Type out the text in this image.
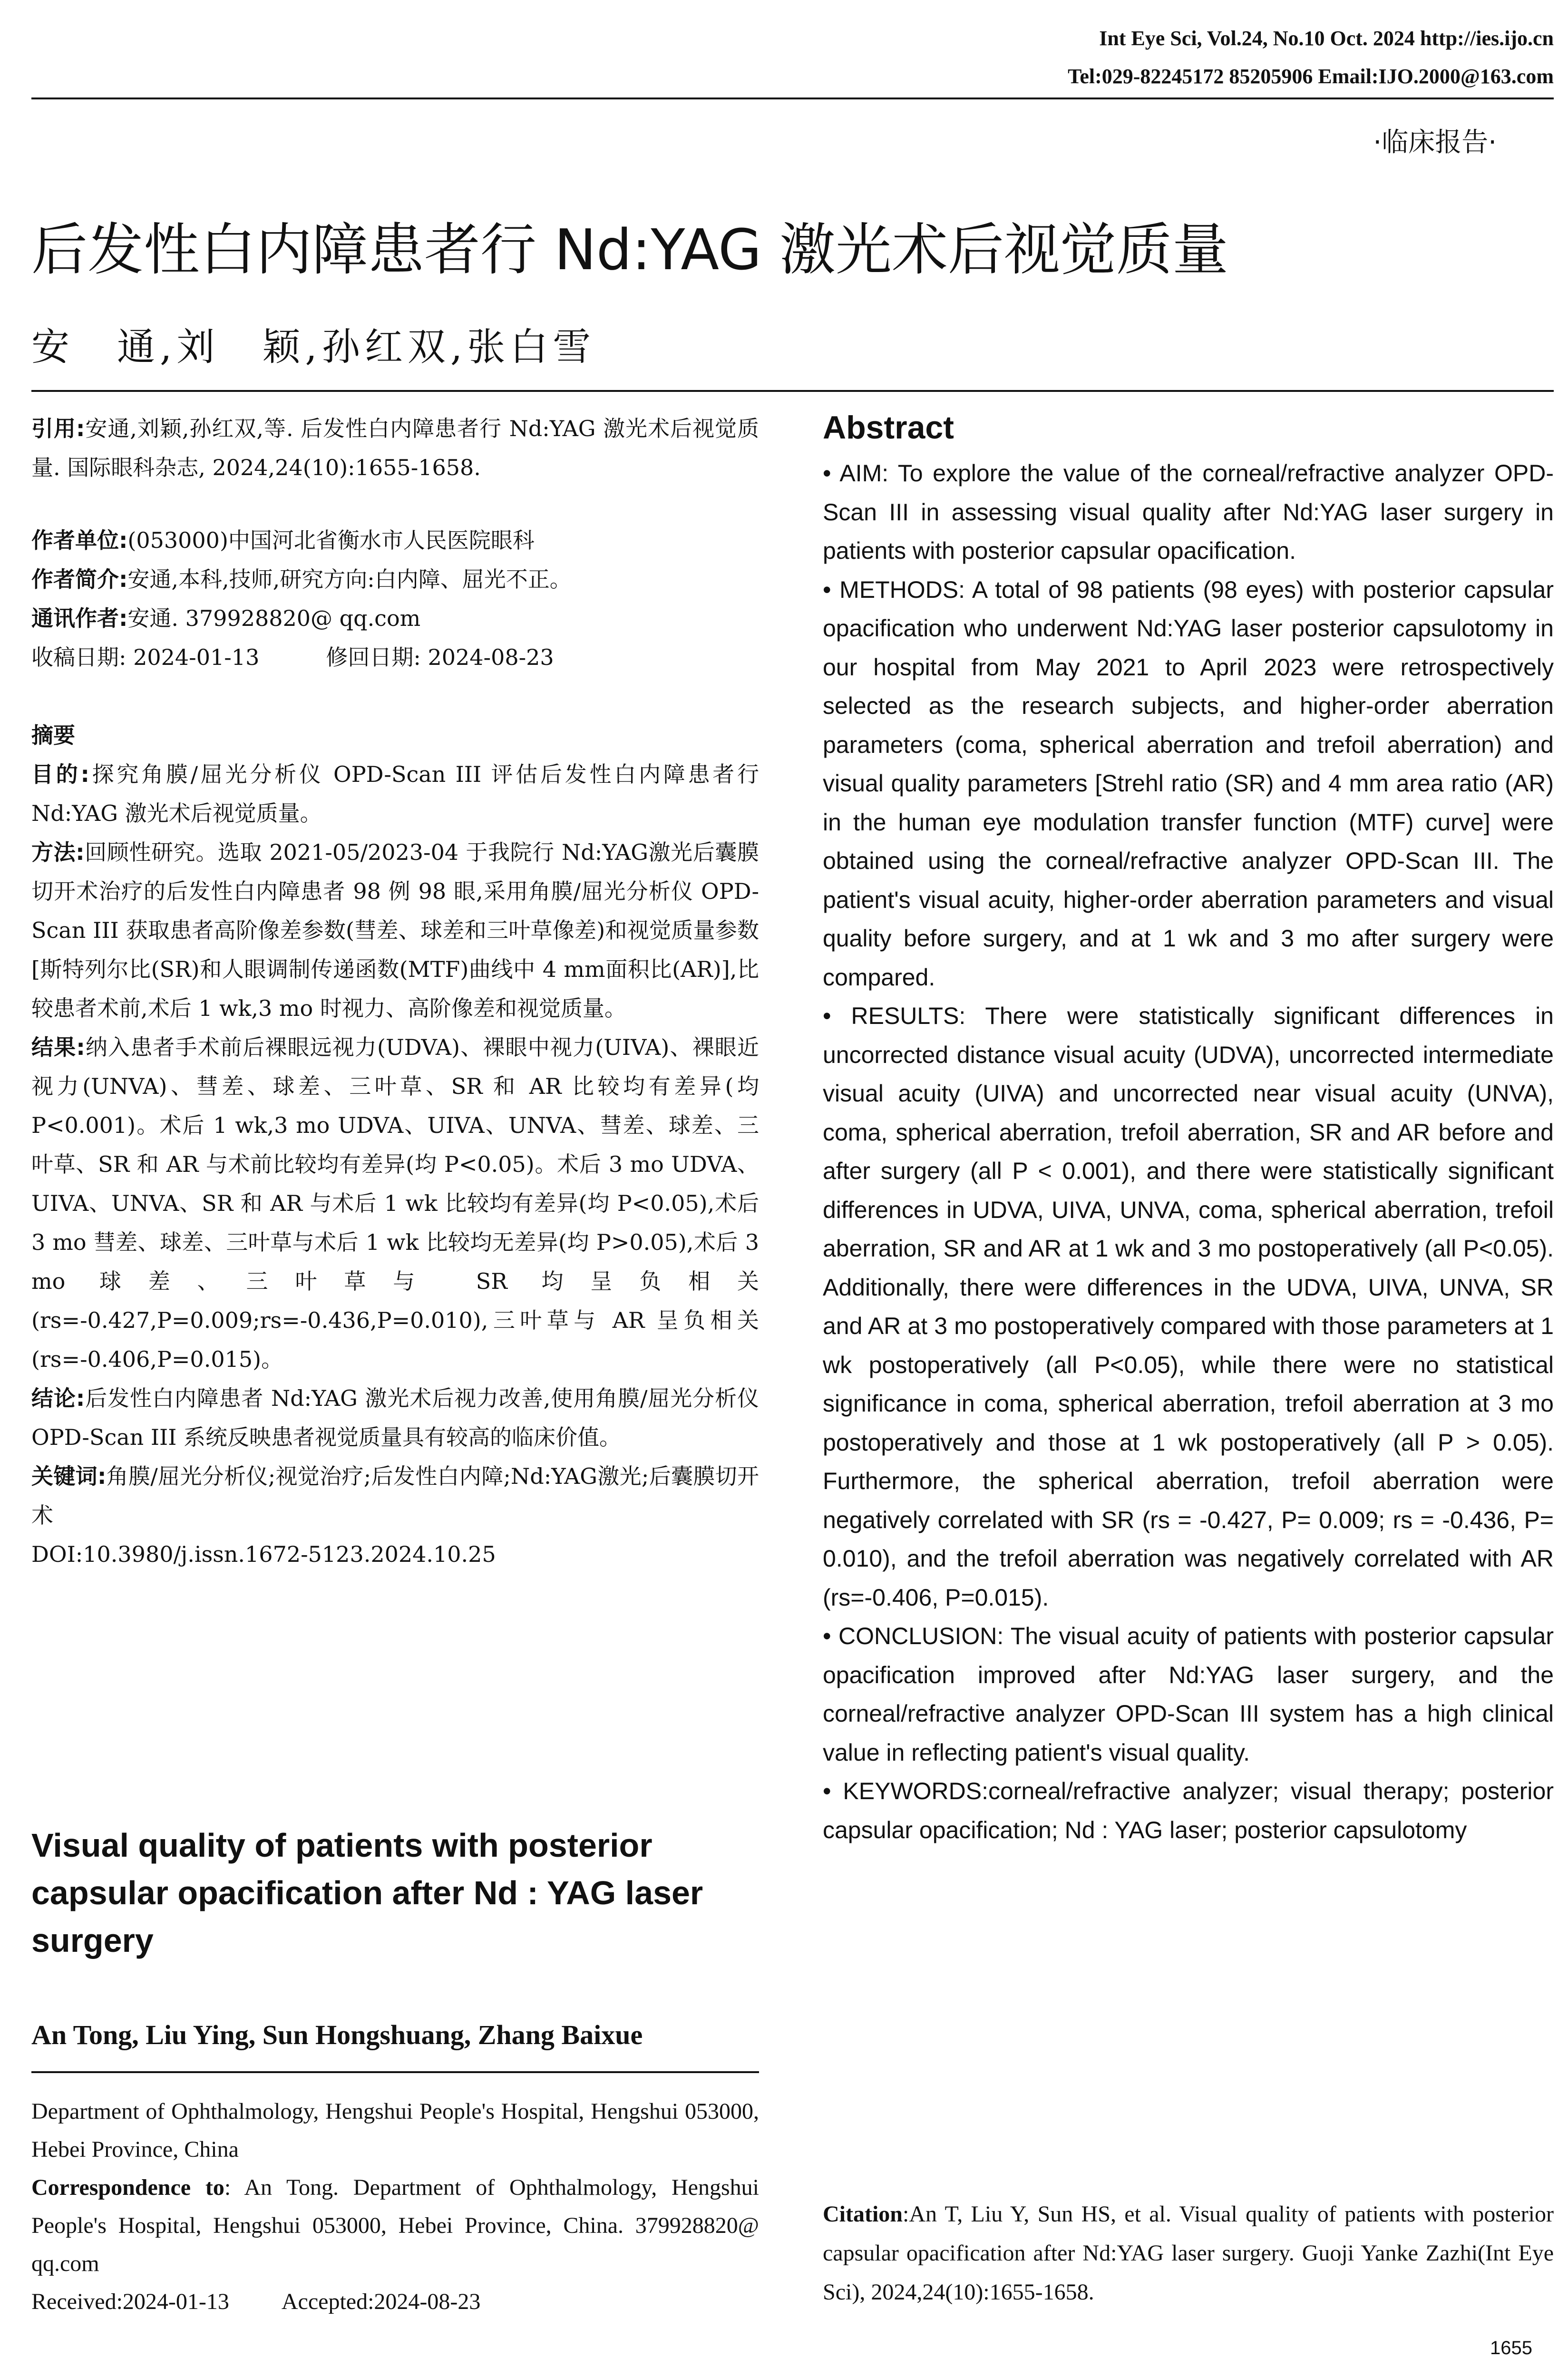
Int Eye Sci, Vol.24, No.10 Oct. 2024 http://ies.ijo.cn
Tel:029-82245172 85205906 Email:IJO.2000@163.com
·临床报告·
后发性白内障患者行 Nd:YAG 激光术后视觉质量
安　通,刘　颖,孙红双,张白雪

引用:安通,刘颖,孙红双,等. 后发性白内障患者行 Nd:YAG 激光术后视觉质量. 国际眼科杂志, 2024,24(10):1655-1658.

作者单位:(053000)中国河北省衡水市人民医院眼科

作者简介:安通,本科,技师,研究方向:白内障、屈光不正。

通讯作者:安通. 379928820@ qq.com

收稿日期: 2024-01-13	修回日期: 2024-08-23

摘要

目的:探究角膜/屈光分析仪 OPD-Scan III 评估后发性白内障患者行 Nd:YAG 激光术后视觉质量。

方法:回顾性研究。选取 2021-05/2023-04 于我院行 Nd:YAG激光后囊膜切开术治疗的后发性白内障患者 98 例 98 眼,采用角膜/屈光分析仪 OPD-Scan III 获取患者高阶像差参数(彗差、球差和三叶草像差)和视觉质量参数[斯特列尔比(SR)和人眼调制传递函数(MTF)曲线中 4 mm面积比(AR)],比较患者术前,术后 1 wk,3 mo 时视力、高阶像差和视觉质量。

结果:纳入患者手术前后裸眼远视力(UDVA)、裸眼中视力(UIVA)、裸眼近视力(UNVA)、彗差、球差、三叶草、SR 和 AR 比较均有差异(均 P<0.001)。术后 1 wk,3 mo UDVA、UIVA、UNVA、彗差、球差、三叶草、SR 和 AR 与术前比较均有差异(均 P<0.05)。术后 3 mo UDVA、UIVA、UNVA、SR 和 AR 与术后 1 wk 比较均有差异(均 P<0.05),术后 3 mo 彗差、球差、三叶草与术后 1 wk 比较均无差异(均 P>0.05),术后 3 mo 球差、三叶草与 SR 均呈负相关(rs=-0.427,P=0.009;rs=-0.436,P=0.010),三叶草与 AR 呈负相关(rs=-0.406,P=0.015)。

结论:后发性白内障患者 Nd:YAG 激光术后视力改善,使用角膜/屈光分析仪 OPD-Scan III 系统反映患者视觉质量具有较高的临床价值。

关键词:角膜/屈光分析仪;视觉治疗;后发性白内障;Nd:YAG激光;后囊膜切开术

DOI:10.3980/j.issn.1672-5123.2024.10.25

Visual quality of patients with posterior capsular opacification after Nd : YAG laser surgery
An Tong, Liu Ying, Sun Hongshuang, Zhang Baixue
Department of Ophthalmology, Hengshui People's Hospital, Hengshui 053000, Hebei Province, China
Correspondence to: An Tong. Department of Ophthalmology, Hengshui People's Hospital, Hengshui 053000, Hebei Province, China. 379928820@ qq.com
Received:2024-01-13 Accepted:2024-08-23
Abstract

• AIM: To explore the value of the corneal/refractive analyzer OPD-Scan III in assessing visual quality after Nd:YAG laser surgery in patients with posterior capsular opacification.

• METHODS: A total of 98 patients (98 eyes) with posterior capsular opacification who underwent Nd:YAG laser posterior capsulotomy in our hospital from May 2021 to April 2023 were retrospectively selected as the research subjects, and higher-order aberration parameters (coma, spherical aberration and trefoil aberration) and visual quality parameters [Strehl ratio (SR) and 4 mm area ratio (AR) in the human eye modulation transfer function (MTF) curve] were obtained using the corneal/refractive analyzer OPD-Scan III. The patient's visual acuity, higher-order aberration parameters and visual quality before surgery, and at 1 wk and 3 mo after surgery were compared.

• RESULTS: There were statistically significant differences in uncorrected distance visual acuity (UDVA), uncorrected intermediate visual acuity (UIVA) and uncorrected near visual acuity (UNVA), coma, spherical aberration, trefoil aberration, SR and AR before and after surgery (all P < 0.001), and there were statistically significant differences in UDVA, UIVA, UNVA, coma, spherical aberration, trefoil aberration, SR and AR at 1 wk and 3 mo postoperatively (all P<0.05). Additionally, there were differences in the UDVA, UIVA, UNVA, SR and AR at 3 mo postoperatively compared with those parameters at 1 wk postoperatively (all P<0.05), while there were no statistical significance in coma, spherical aberration, trefoil aberration at 3 mo postoperatively and those at 1 wk postoperatively (all P > 0.05). Furthermore, the spherical aberration, trefoil aberration were negatively correlated with SR (rs = -0.427, P= 0.009; rs = -0.436, P= 0.010), and the trefoil aberration was negatively correlated with AR (rs=-0.406, P=0.015).

• CONCLUSION: The visual acuity of patients with posterior capsular opacification improved after Nd:YAG laser surgery, and the corneal/refractive analyzer OPD-Scan III system has a high clinical value in reflecting patient's visual quality.

• KEYWORDS:corneal/refractive analyzer; visual therapy; posterior capsular opacification; Nd : YAG laser; posterior capsulotomy

Citation:An T, Liu Y, Sun HS, et al. Visual quality of patients with posterior capsular opacification after Nd:YAG laser surgery. Guoji Yanke Zazhi(Int Eye Sci), 2024,24(10):1655-1658.
1655
